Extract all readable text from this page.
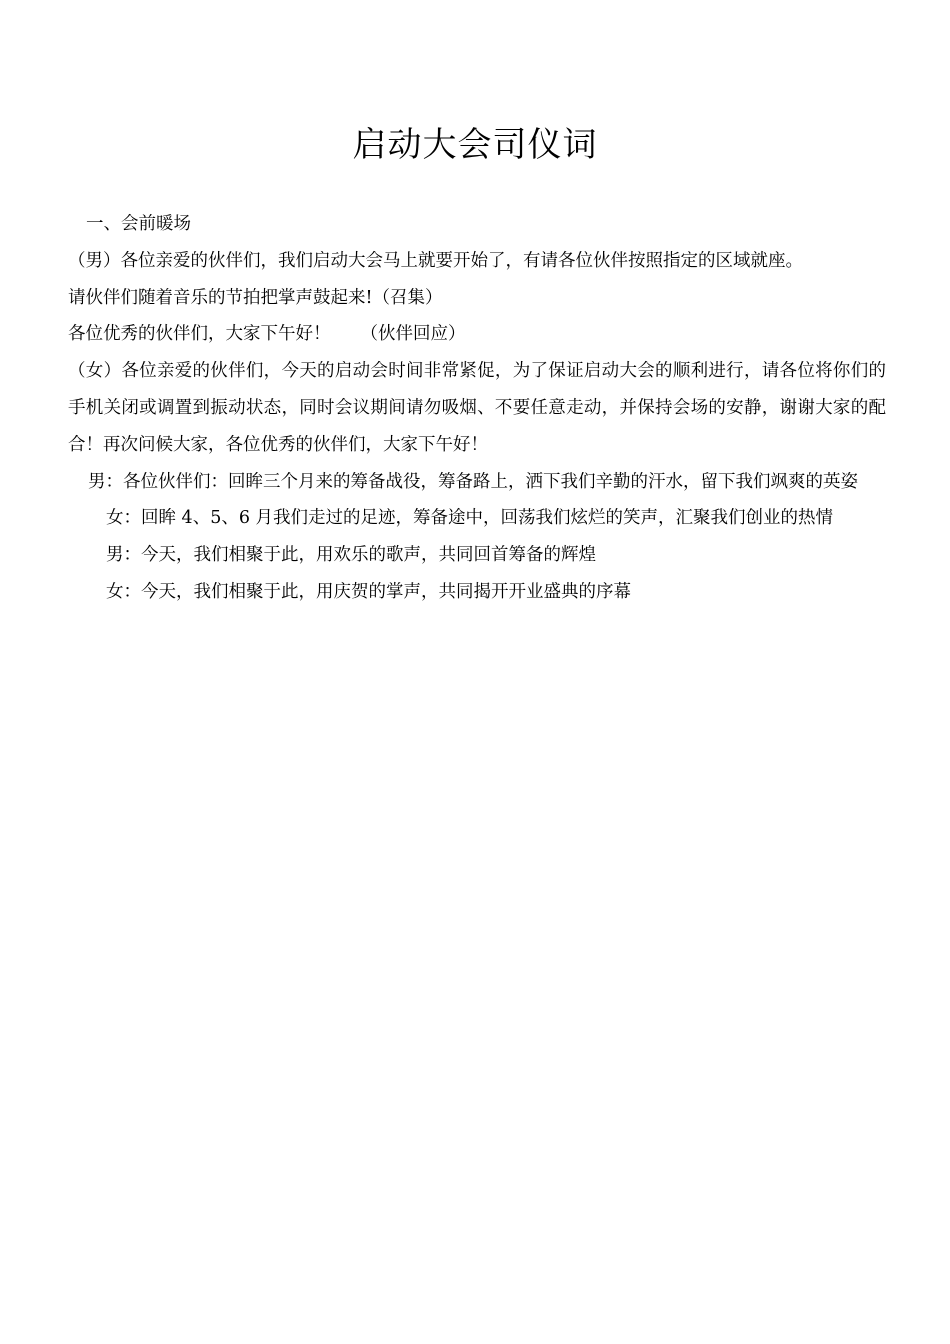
启动大会司仪词

一、会前暖场

（男）各位亲爱的伙伴们，我们启动大会马上就要开始了，有请各位伙伴按照指定的区域就座。

请伙伴们随着音乐的节拍把掌声鼓起来!（召集）

各位优秀的伙伴们，大家下午好！ （伙伴回应）

（女）各位亲爱的伙伴们，今天的启动会时间非常紧促，为了保证启动大会的顺利进行，请各位将你们的手机关闭或调置到振动状态，同时会议期间请勿吸烟、不要任意走动，并保持会场的安静，谢谢大家的配合！再次问候大家，各位优秀的伙伴们，大家下午好！

男：各位伙伴们：回眸三个月来的筹备战役，筹备路上，洒下我们辛勤的汗水，留下我们飒爽的英姿

女：回眸 4、5、6 月我们走过的足迹，筹备途中，回荡我们炫烂的笑声，汇聚我们创业的热情

男：今天，我们相聚于此，用欢乐的歌声，共同回首筹备的辉煌

女：今天，我们相聚于此，用庆贺的掌声，共同揭开开业盛典的序幕
